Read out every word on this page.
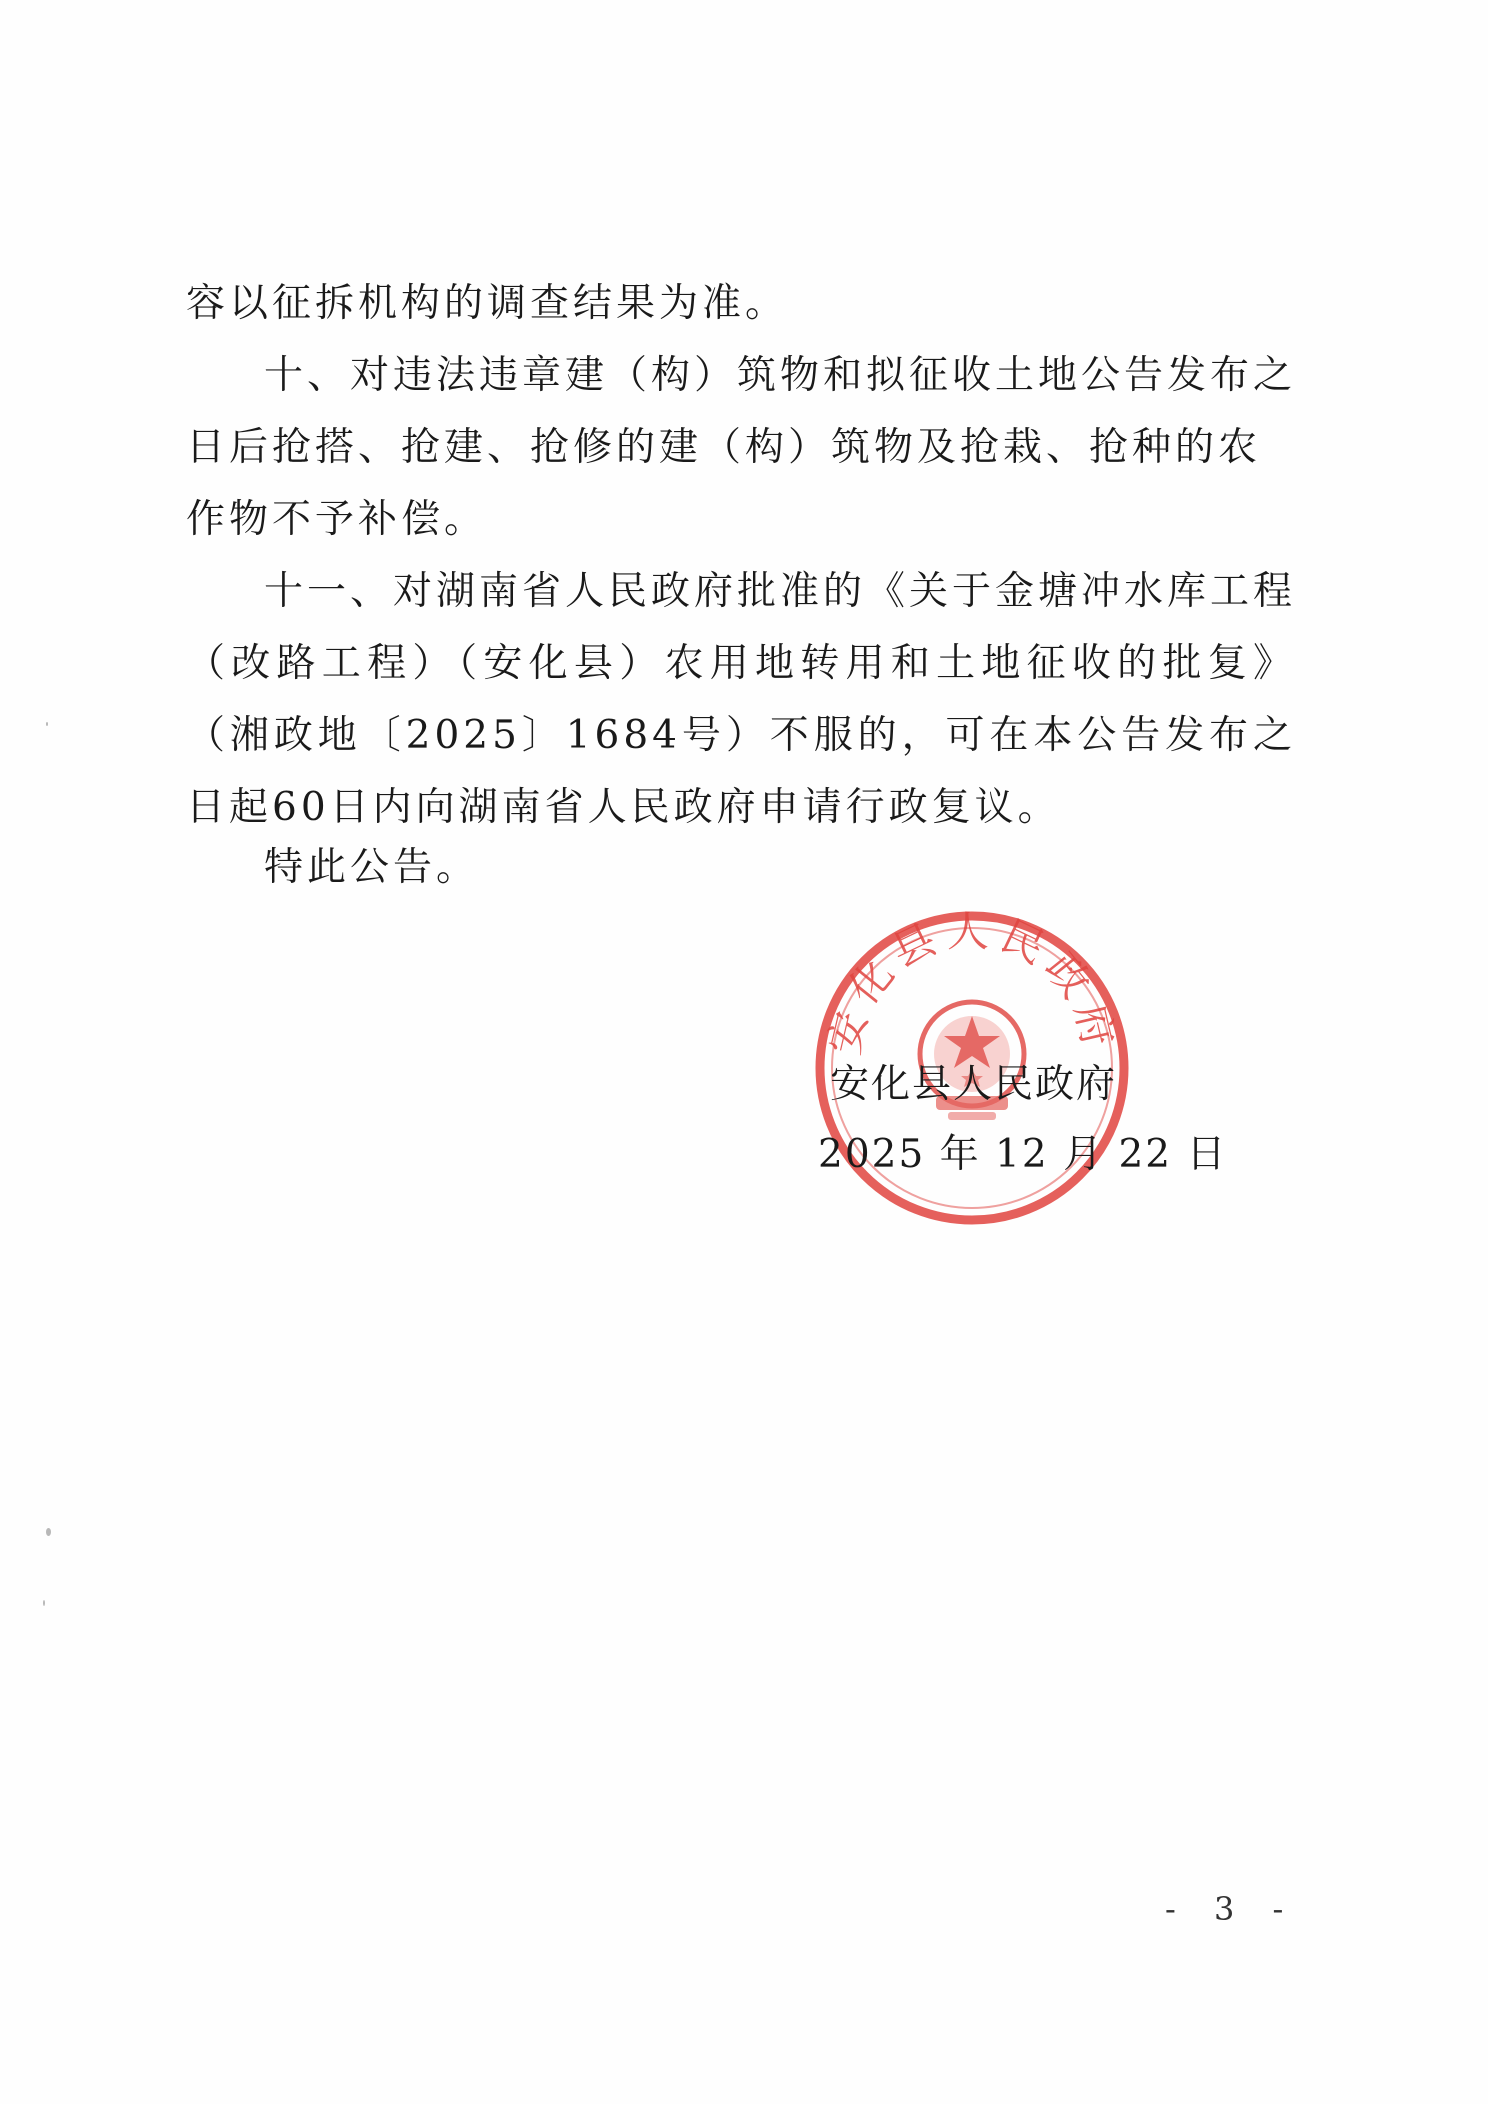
容以征拆机构的调查结果为准。

十、对违法违章建（构）筑物和拟征收土地公告发布之日后抢搭、抢建、抢修的建（构）筑物及抢栽、抢种的农作物不予补偿。

十一、对湖南省人民政府批准的《关于金塘冲水库工程（改路工程）（安化县）农用地转用和土地征收的批复》（湘政地〔2025〕1684号）不服的，可在本公告发布之日起60日内向湖南省人民政府申请行政复议。

特此公告。
安化县人民政府
安化县人民政府
2025 年 12 月 22 日
- 3 -
